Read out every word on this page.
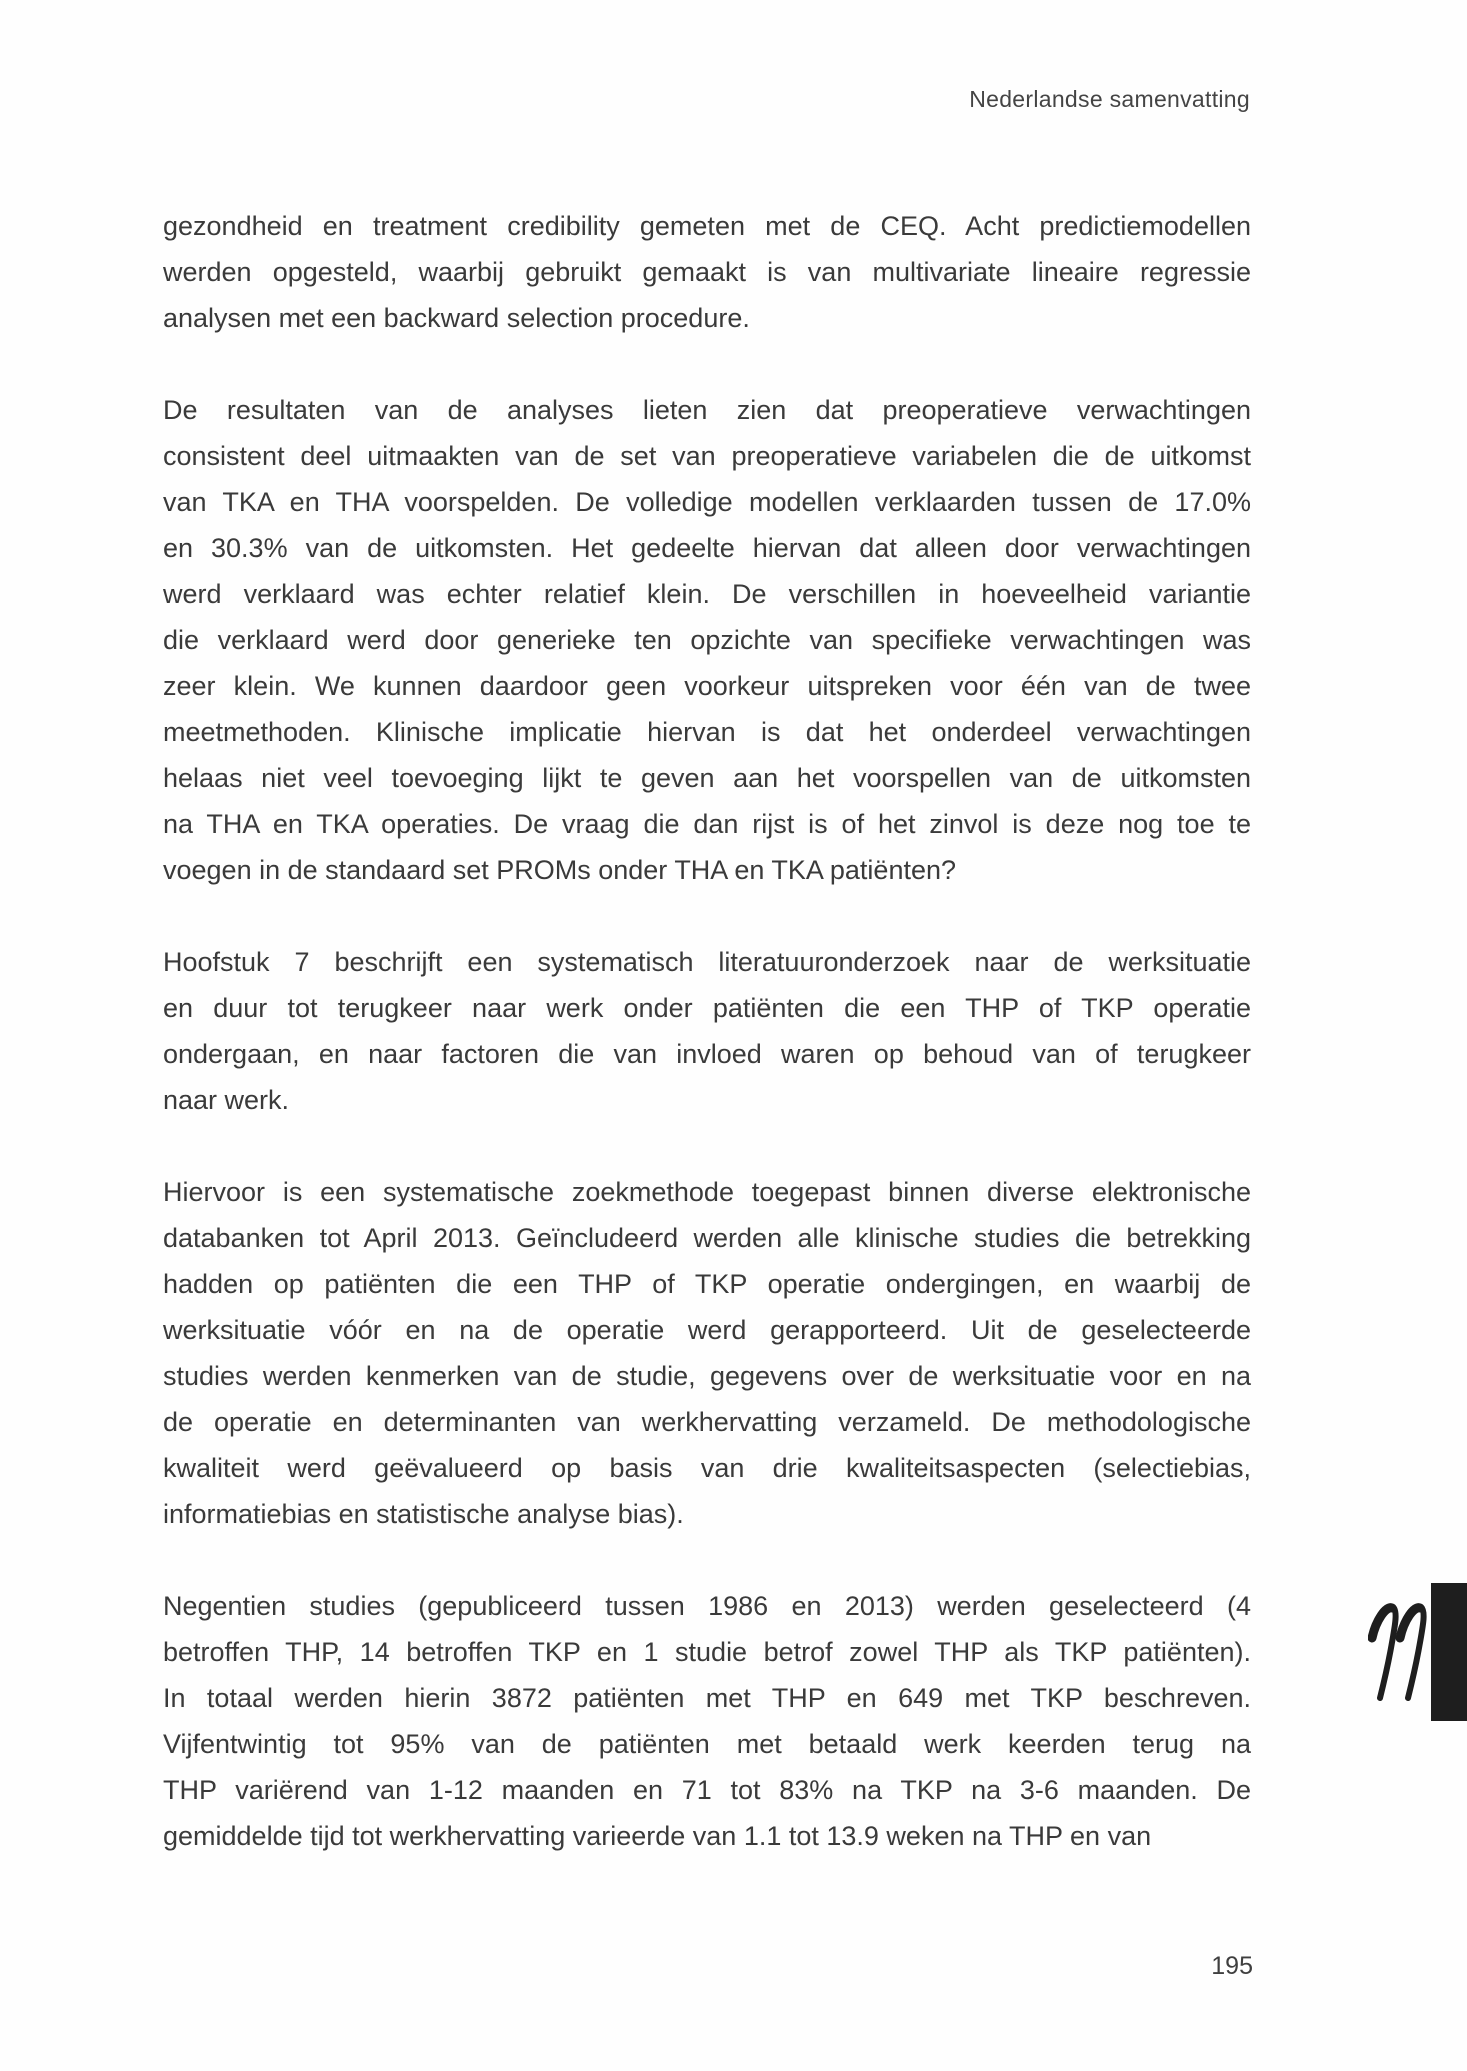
Nederlandse samenvatting

gezondheid en treatment credibility gemeten met de CEQ. Acht predictiemodellen
werden opgesteld, waarbij gebruikt gemaakt is van multivariate lineaire regressie
analysen met een backward selection procedure.

De resultaten van de analyses lieten zien dat preoperatieve verwachtingen
consistent deel uitmaakten van de set van preoperatieve variabelen die de uitkomst
van TKA en THA voorspelden. De volledige modellen verklaarden tussen de 17.0%
en 30.3% van de uitkomsten. Het gedeelte hiervan dat alleen door verwachtingen
werd verklaard was echter relatief klein. De verschillen in hoeveelheid variantie
die verklaard werd door generieke ten opzichte van specifieke verwachtingen was
zeer klein. We kunnen daardoor geen voorkeur uitspreken voor één van de twee
meetmethoden. Klinische implicatie hiervan is dat het onderdeel verwachtingen
helaas niet veel toevoeging lijkt te geven aan het voorspellen van de uitkomsten
na THA en TKA operaties. De vraag die dan rijst is of het zinvol is deze nog toe te
voegen in de standaard set PROMs onder THA en TKA patiënten?

Hoofstuk 7 beschrijft een systematisch literatuuronderzoek naar de werksituatie
en duur tot terugkeer naar werk onder patiënten die een THP of TKP operatie
ondergaan, en naar factoren die van invloed waren op behoud van of terugkeer
naar werk.

Hiervoor is een systematische zoekmethode toegepast binnen diverse elektronische
databanken tot April 2013. Geïncludeerd werden alle klinische studies die betrekking
hadden op patiënten die een THP of TKP operatie ondergingen, en waarbij de
werksituatie vóór en na de operatie werd gerapporteerd. Uit de geselecteerde
studies werden kenmerken van de studie, gegevens over de werksituatie voor en na
de operatie en determinanten van werkhervatting verzameld. De methodologische
kwaliteit werd geëvalueerd op basis van drie kwaliteitsaspecten (selectiebias,
informatiebias en statistische analyse bias).

Negentien studies (gepubliceerd tussen 1986 en 2013) werden geselecteerd (4
betroffen THP, 14 betroffen TKP en 1 studie betrof zowel THP als TKP patiënten).
In totaal werden hierin 3872 patiënten met THP en 649 met TKP beschreven.
Vijfentwintig tot 95% van de patiënten met betaald werk keerden terug na
THP variërend van 1-12 maanden en 71 tot 83% na TKP na 3-6 maanden. De
gemiddelde tijd tot werkhervatting varieerde van 1.1 tot 13.9 weken na THP en van

195
